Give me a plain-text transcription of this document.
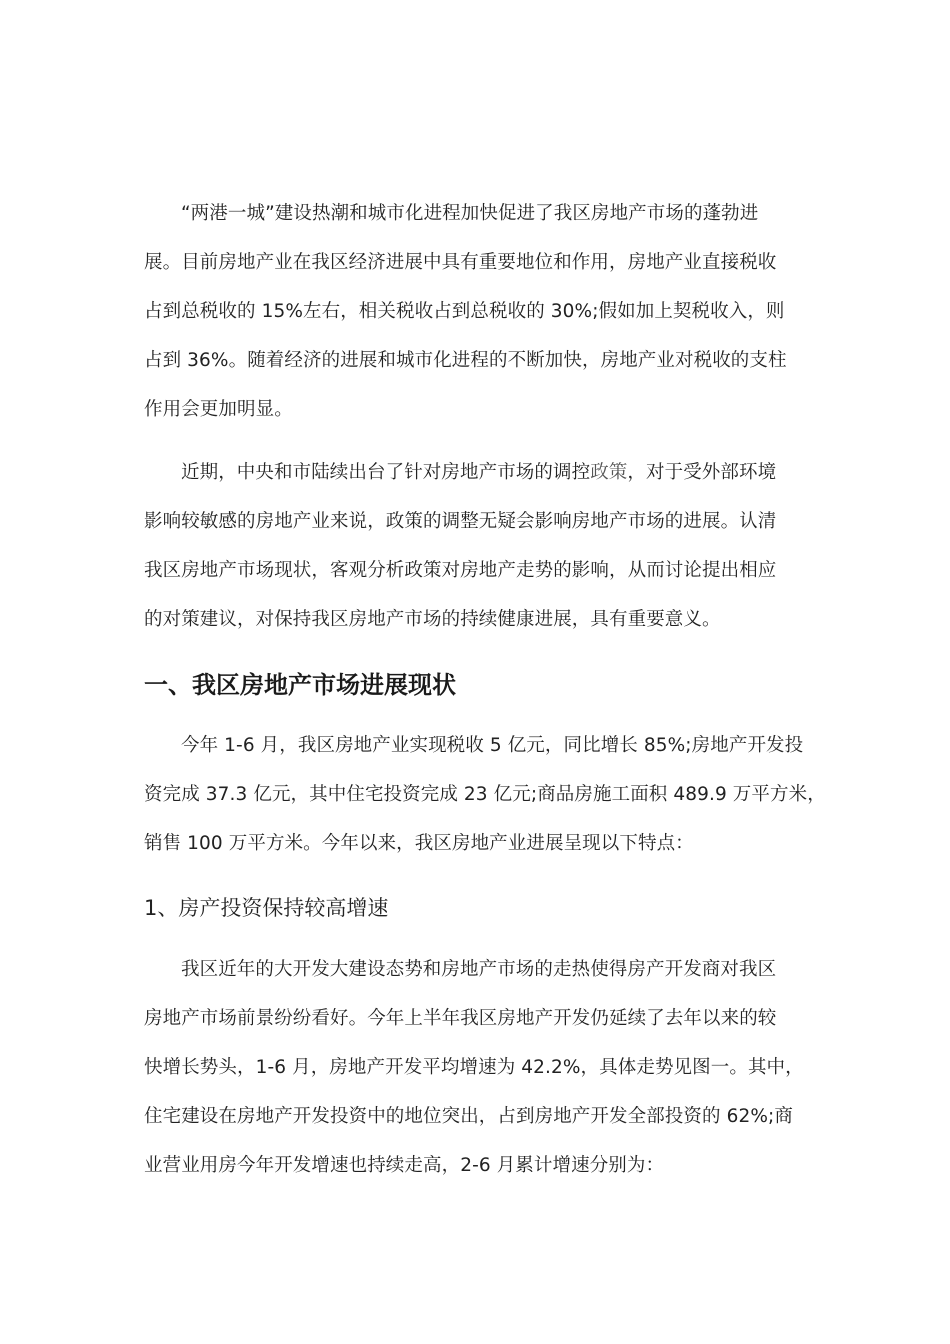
“两港一城”建设热潮和城市化进程加快促进了我区房地产市场的蓬勃进
展。目前房地产业在我区经济进展中具有重要地位和作用，房地产业直接税收
占到总税收的 15%左右，相关税收占到总税收的 30%;假如加上契税收入，则
占到 36%。随着经济的进展和城市化进程的不断加快，房地产业对税收的支柱
作用会更加明显。
近期，中央和市陆续出台了针对房地产市场的调控政策，对于受外部环境
影响较敏感的房地产业来说，政策的调整无疑会影响房地产市场的进展。认清
我区房地产市场现状，客观分析政策对房地产走势的影响，从而讨论提出相应
的对策建议，对保持我区房地产市场的持续健康进展，具有重要意义。
一、我区房地产市场进展现状
今年 1-6 月，我区房地产业实现税收 5 亿元，同比增长 85%;房地产开发投
资完成 37.3 亿元，其中住宅投资完成 23 亿元;商品房施工面积 489.9 万平方米，
销售 100 万平方米。今年以来，我区房地产业进展呈现以下特点：
1、房产投资保持较高增速
我区近年的大开发大建设态势和房地产市场的走热使得房产开发商对我区
房地产市场前景纷纷看好。今年上半年我区房地产开发仍延续了去年以来的较
快增长势头，1-6 月，房地产开发平均增速为 42.2%，具体走势见图一。其中，
住宅建设在房地产开发投资中的地位突出，占到房地产开发全部投资的 62%;商
业营业用房今年开发增速也持续走高，2-6 月累计增速分别为：
